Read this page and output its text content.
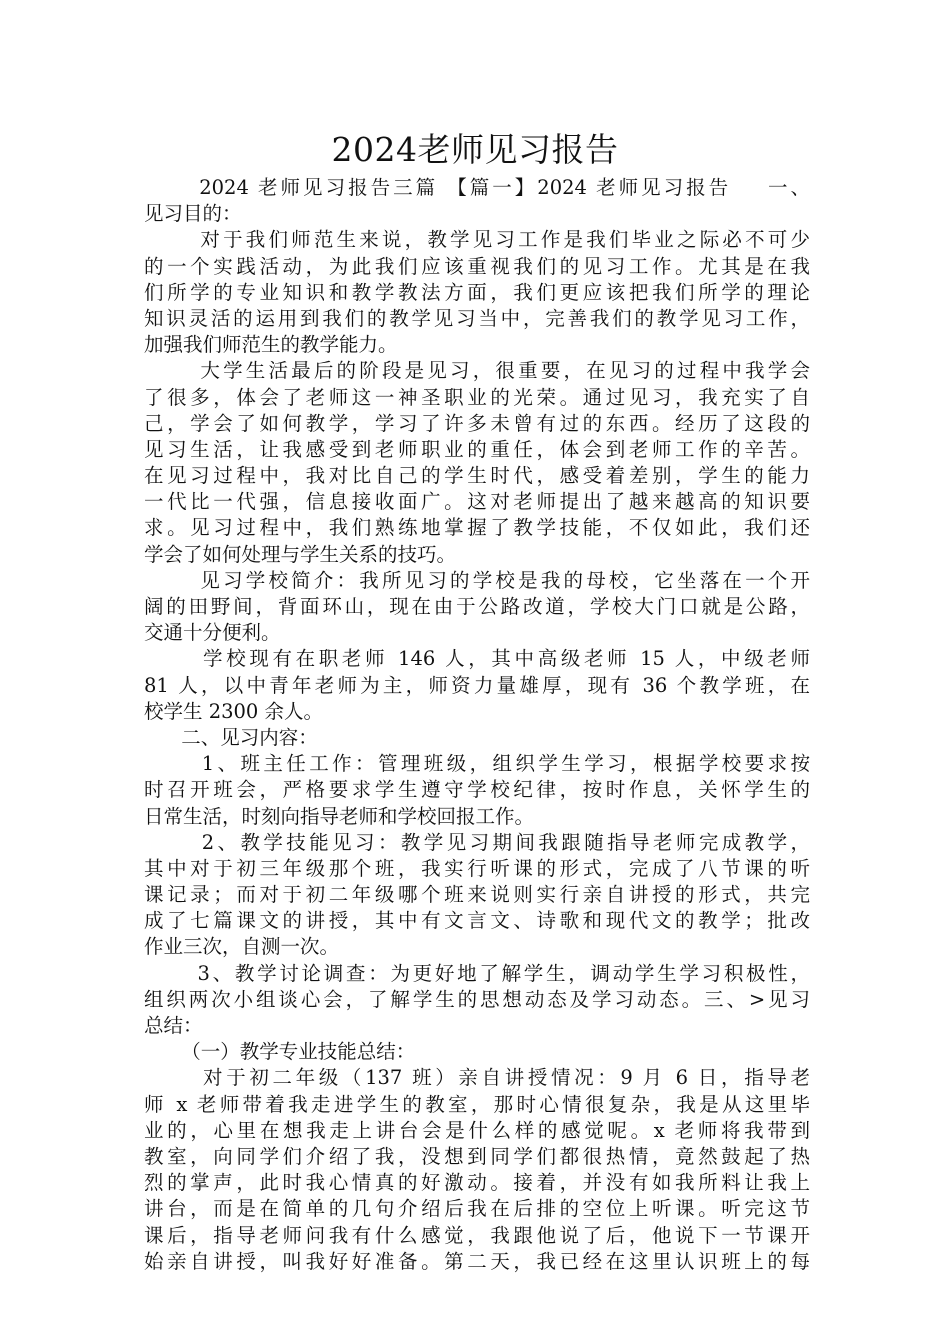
2024老师见习报告
2024 老师见习报告三篇 【篇一】2024 老师见习报告    一、
见习目的：
对于我们师范生来说，教学见习工作是我们毕业之际必不可少
的一个实践活动，为此我们应该重视我们的见习工作。尤其是在我
们所学的专业知识和教学教法方面，我们更应该把我们所学的理论
知识灵活的运用到我们的教学见习当中，完善我们的教学见习工作，
加强我们师范生的教学能力。
大学生活最后的阶段是见习，很重要，在见习的过程中我学会
了很多，体会了老师这一神圣职业的光荣。通过见习，我充实了自
己，学会了如何教学，学习了许多未曾有过的东西。经历了这段的
见习生活，让我感受到老师职业的重任，体会到老师工作的辛苦。
在见习过程中，我对比自己的学生时代，感受着差别，学生的能力
一代比一代强，信息接收面广。这对老师提出了越来越高的知识要
求。见习过程中，我们熟练地掌握了教学技能，不仅如此，我们还
学会了如何处理与学生关系的技巧。
见习学校简介：我所见习的学校是我的母校，它坐落在一个开
阔的田野间，背面环山，现在由于公路改道，学校大门口就是公路，
交通十分便利。
学校现有在职老师 146 人，其中高级老师 15 人，中级老师
81 人，以中青年老师为主，师资力量雄厚，现有 36 个教学班，在
校学生 2300 余人。
二、见习内容：
1、班主任工作：管理班级，组织学生学习，根据学校要求按
时召开班会，严格要求学生遵守学校纪律，按时作息，关怀学生的
日常生活，时刻向指导老师和学校回报工作。
2、教学技能见习：教学见习期间我跟随指导老师完成教学，
其中对于初三年级那个班，我实行听课的形式，完成了八节课的听
课记录；而对于初二年级哪个班来说则实行亲自讲授的形式，共完
成了七篇课文的讲授，其中有文言文、诗歌和现代文的教学；批改
作业三次，自测一次。
3、教学讨论调查：为更好地了解学生，调动学生学习积极性，
组织两次小组谈心会，了解学生的思想动态及学习动态。三、>见习
总结：
（一）教学专业技能总结：
对于初二年级（137 班）亲自讲授情况：9 月 6 日，指导老
师 x 老师带着我走进学生的教室，那时心情很复杂，我是从这里毕
业的，心里在想我走上讲台会是什么样的感觉呢。x 老师将我带到
教室，向同学们介绍了我，没想到同学们都很热情，竟然鼓起了热
烈的掌声，此时我心情真的好激动。接着，并没有如我所料让我上
讲台，而是在简单的几句介绍后我在后排的空位上听课。听完这节
课后，指导老师问我有什么感觉，我跟他说了后，他说下一节课开
始亲自讲授，叫我好好准备。第二天，我已经在这里认识班上的每
